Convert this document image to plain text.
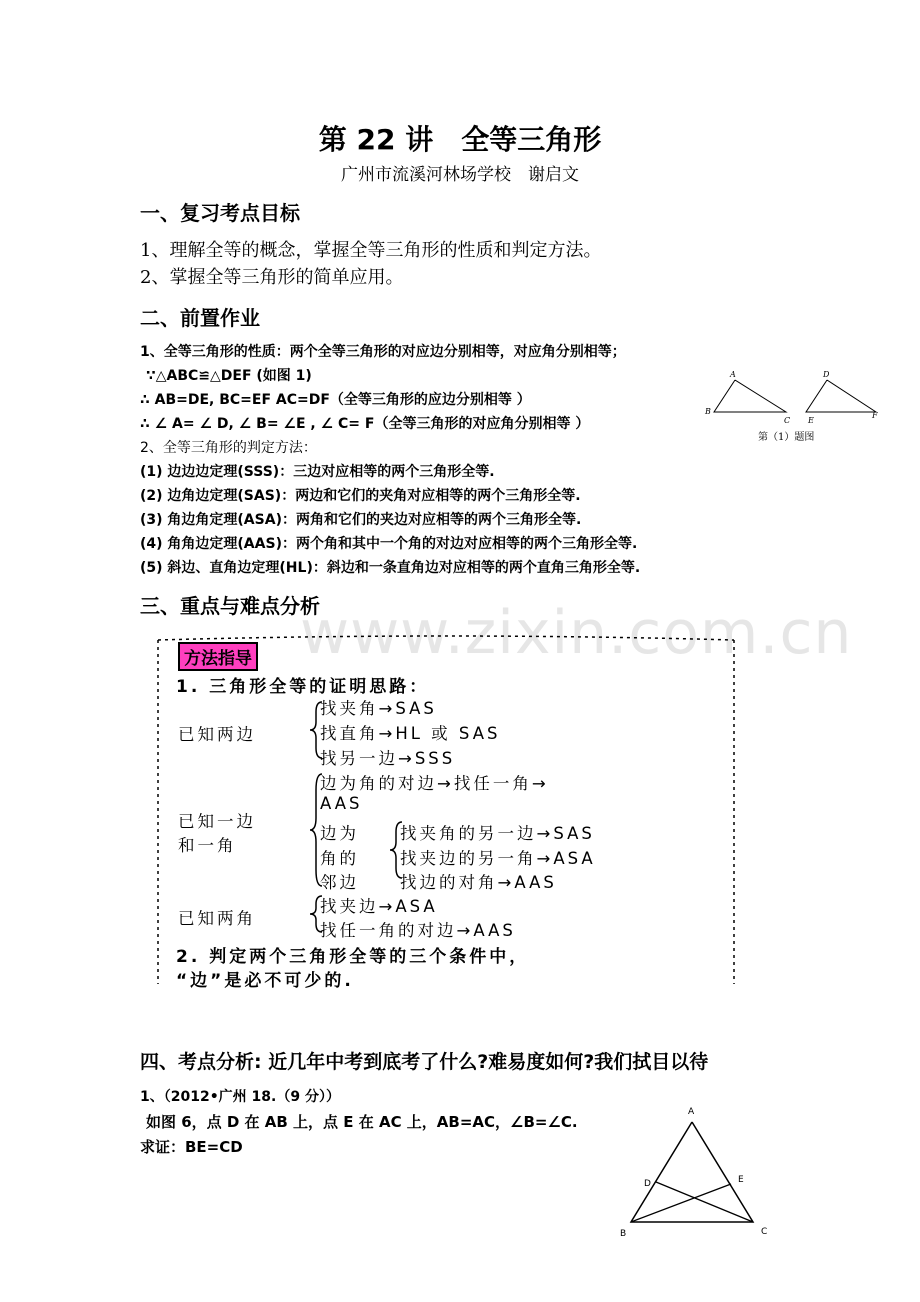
第 22 讲　全等三角形
广州市流溪河林场学校　谢启文
一、复习考点目标
1、理解全等的概念，掌握全等三角形的性质和判定方法。
2、掌握全等三角形的简单应用。
二、前置作业
1、全等三角形的性质：两个全等三角形的对应边分别相等，对应角分别相等；
∵△ABC≌△DEF (如图 1)
∴ AB=DE, BC=EF AC=DF（全等三角形的应边分别相等 ）
∴ ∠ A= ∠ D, ∠ B= ∠E , ∠ C= F（全等三角形的对应角分别相等 ）
2、全等三角形的判定方法：
(1) 边边边定理(SSS)：三边对应相等的两个三角形全等.
(2) 边角边定理(SAS)：两边和它们的夹角对应相等的两个三角形全等.
(3) 角边角定理(ASA)：两角和它们的夹边对应相等的两个三角形全等.
(4) 角角边定理(AAS)：两个角和其中一个角的对边对应相等的两个三角形全等.
(5) 斜边、直角边定理(HL)：斜边和一条直角边对应相等的两个直角三角形全等.
A
B
C
D
E
F
第（1）题图
三、重点与难点分析
www.zixin.com.cn
方法指导
1. 三角形全等的证明思路：
已知两边
找夹角→SAS
找直角→HL 或 SAS
找另一边→SSS
已知一边
和一角
边为角的对边→找任一角→
AAS
边为
角的
邻边
找夹角的另一边→SAS
找夹边的另一角→ASA
找边的对角→AAS
已知两角
找夹边→ASA
找任一角的对边→AAS
2. 判定两个三角形全等的三个条件中，
“边”是必不可少的.
四、考点分析: 近几年中考到底考了什么?难易度如何?我们拭目以待
1、（2012•广州 18.（9 分））
如图 6，点 D 在 AB 上，点 E 在 AC 上，AB=AC，∠B=∠C.
求证：BE=CD
A
D	E
B	C
